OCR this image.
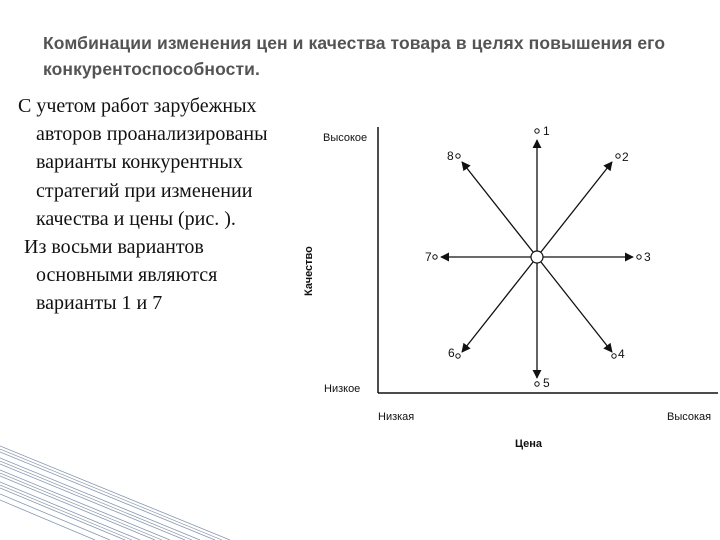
Комбинации изменения цен и качества товара в целях повышения его конкурентоспособности.

С учетом работ зарубежных авторов проанализированы варианты конкурентных стратегий при изменении качества и цены (рис. ).

Из восьми вариантов основными являются варианты 1 и 7

Высокое
Низкое
Качество
Низкая	Высокая
Цена
1
2
3
4
5
6
7
8
